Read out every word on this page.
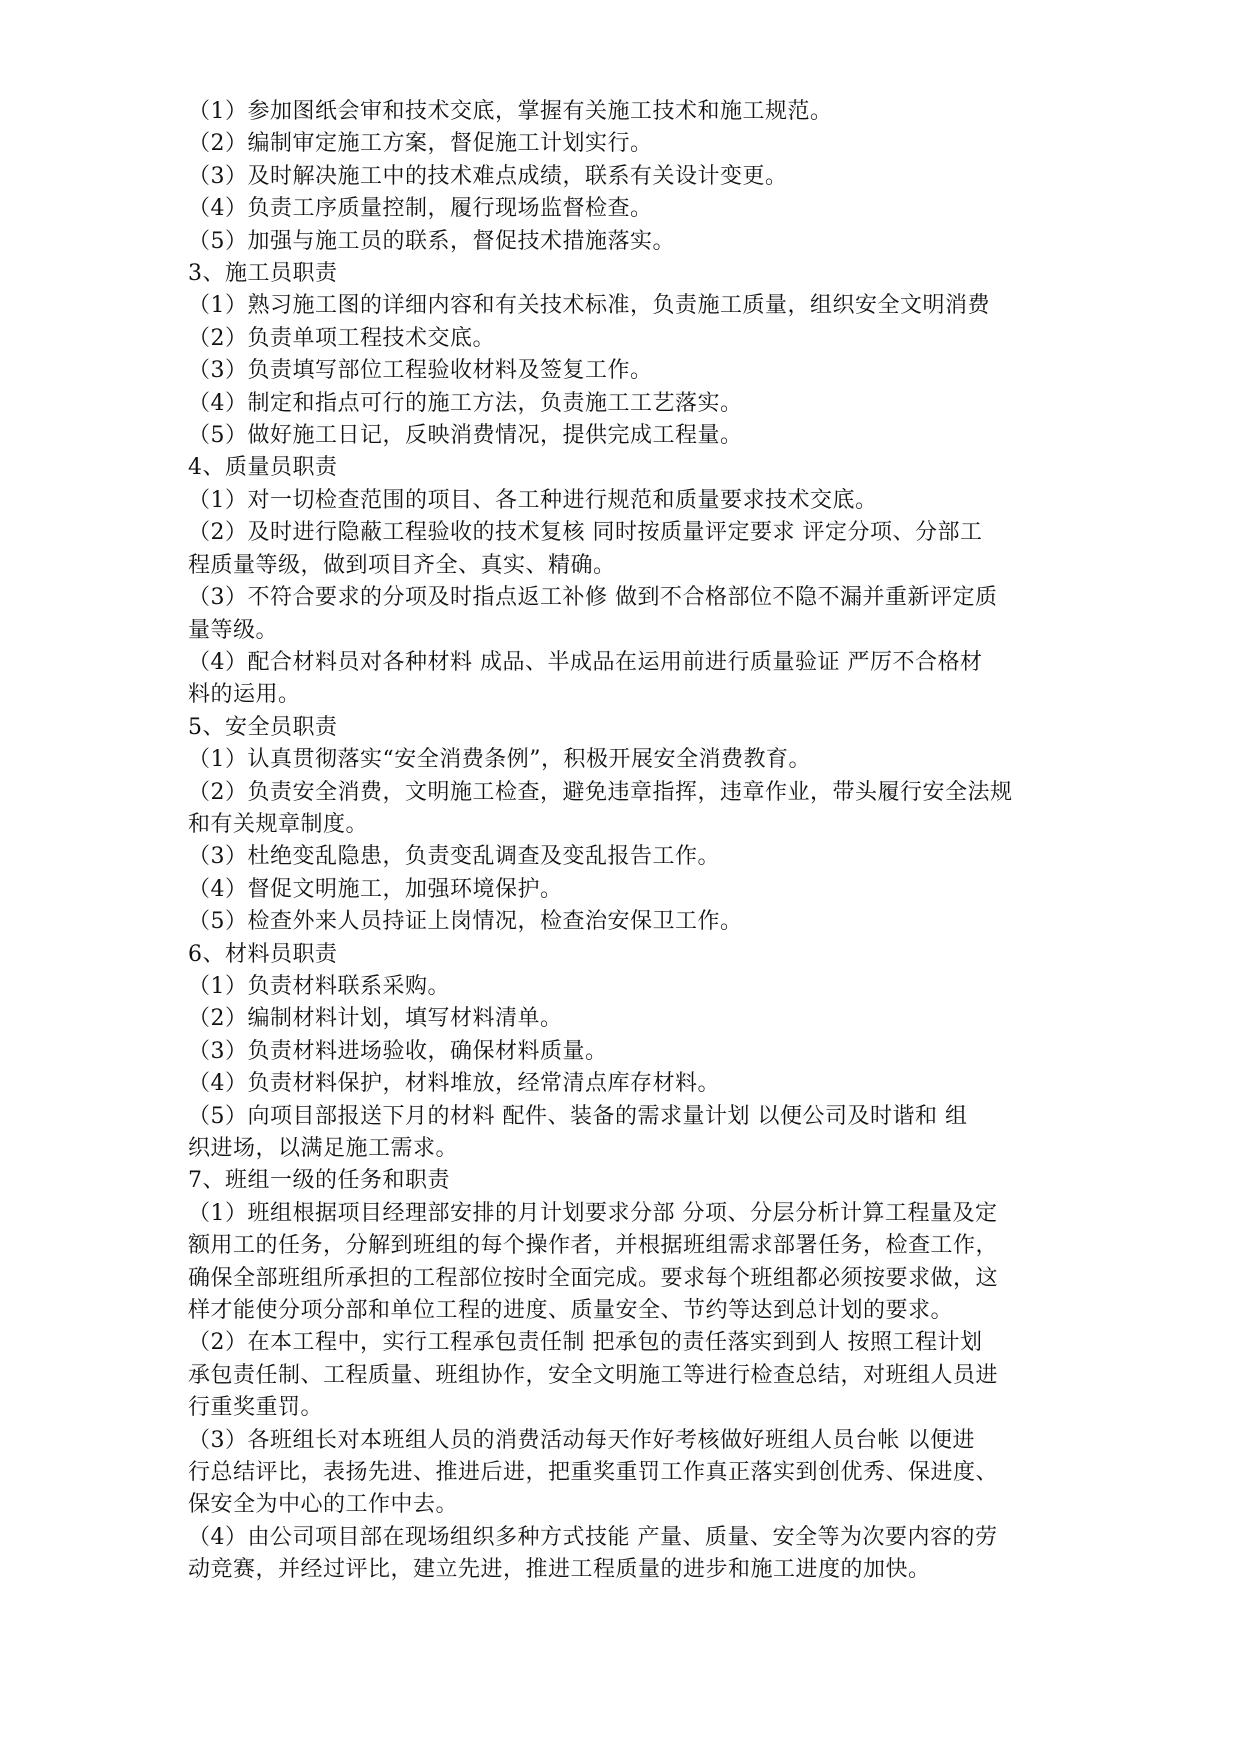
（1）参加图纸会审和技术交底，掌握有关施工技术和施工规范。
（2）编制审定施工方案，督促施工计划实行。
（3）及时解决施工中的技术难点成绩，联系有关设计变更。
（4）负责工序质量控制，履行现场监督检查。
（5）加强与施工员的联系，督促技术措施落实。
3、施工员职责
（1）熟习施工图的详细内容和有关技术标准，负责施工质量，组织安全文明消费
（2）负责单项工程技术交底。
（3）负责填写部位工程验收材料及签复工作。
（4）制定和指点可行的施工方法，负责施工工艺落实。
（5）做好施工日记，反映消费情况，提供完成工程量。
4、质量员职责
（1）对一切检查范围的项目、各工种进行规范和质量要求技术交底。
（2）及时进行隐蔽工程验收的技术复核 同时按质量评定要求 评定分项、分部工
程质量等级，做到项目齐全、真实、精确。
（3）不符合要求的分项及时指点返工补修 做到不合格部位不隐不漏并重新评定质
量等级。
（4）配合材料员对各种材料 成品、半成品在运用前进行质量验证 严厉不合格材
料的运用。
5、安全员职责
（1）认真贯彻落实“安全消费条例”，积极开展安全消费教育。
（2）负责安全消费，文明施工检查，避免违章指挥，违章作业，带头履行安全法规
和有关规章制度。
（3）杜绝变乱隐患，负责变乱调查及变乱报告工作。
（4）督促文明施工，加强环境保护。
（5）检查外来人员持证上岗情况，检查治安保卫工作。
6、材料员职责
（1）负责材料联系采购。
（2）编制材料计划，填写材料清单。
（3）负责材料进场验收，确保材料质量。
（4）负责材料保护，材料堆放，经常清点库存材料。
（5）向项目部报送下月的材料 配件、装备的需求量计划 以便公司及时谐和 组
织进场，以满足施工需求。
7、班组一级的任务和职责
（1）班组根据项目经理部安排的月计划要求分部 分项、分层分析计算工程量及定
额用工的任务，分解到班组的每个操作者，并根据班组需求部署任务，检查工作，
确保全部班组所承担的工程部位按时全面完成。要求每个班组都必须按要求做，这
样才能使分项分部和单位工程的进度、质量安全、节约等达到总计划的要求。
（2）在本工程中，实行工程承包责任制 把承包的责任落实到到人 按照工程计划
承包责任制、工程质量、班组协作，安全文明施工等进行检查总结，对班组人员进
行重奖重罚。
（3）各班组长对本班组人员的消费活动每天作好考核做好班组人员台帐 以便进
行总结评比，表扬先进、推进后进，把重奖重罚工作真正落实到创优秀、保进度、
保安全为中心的工作中去。
（4）由公司项目部在现场组织多种方式技能 产量、质量、安全等为次要内容的劳
动竞赛，并经过评比，建立先进，推进工程质量的进步和施工进度的加快。
